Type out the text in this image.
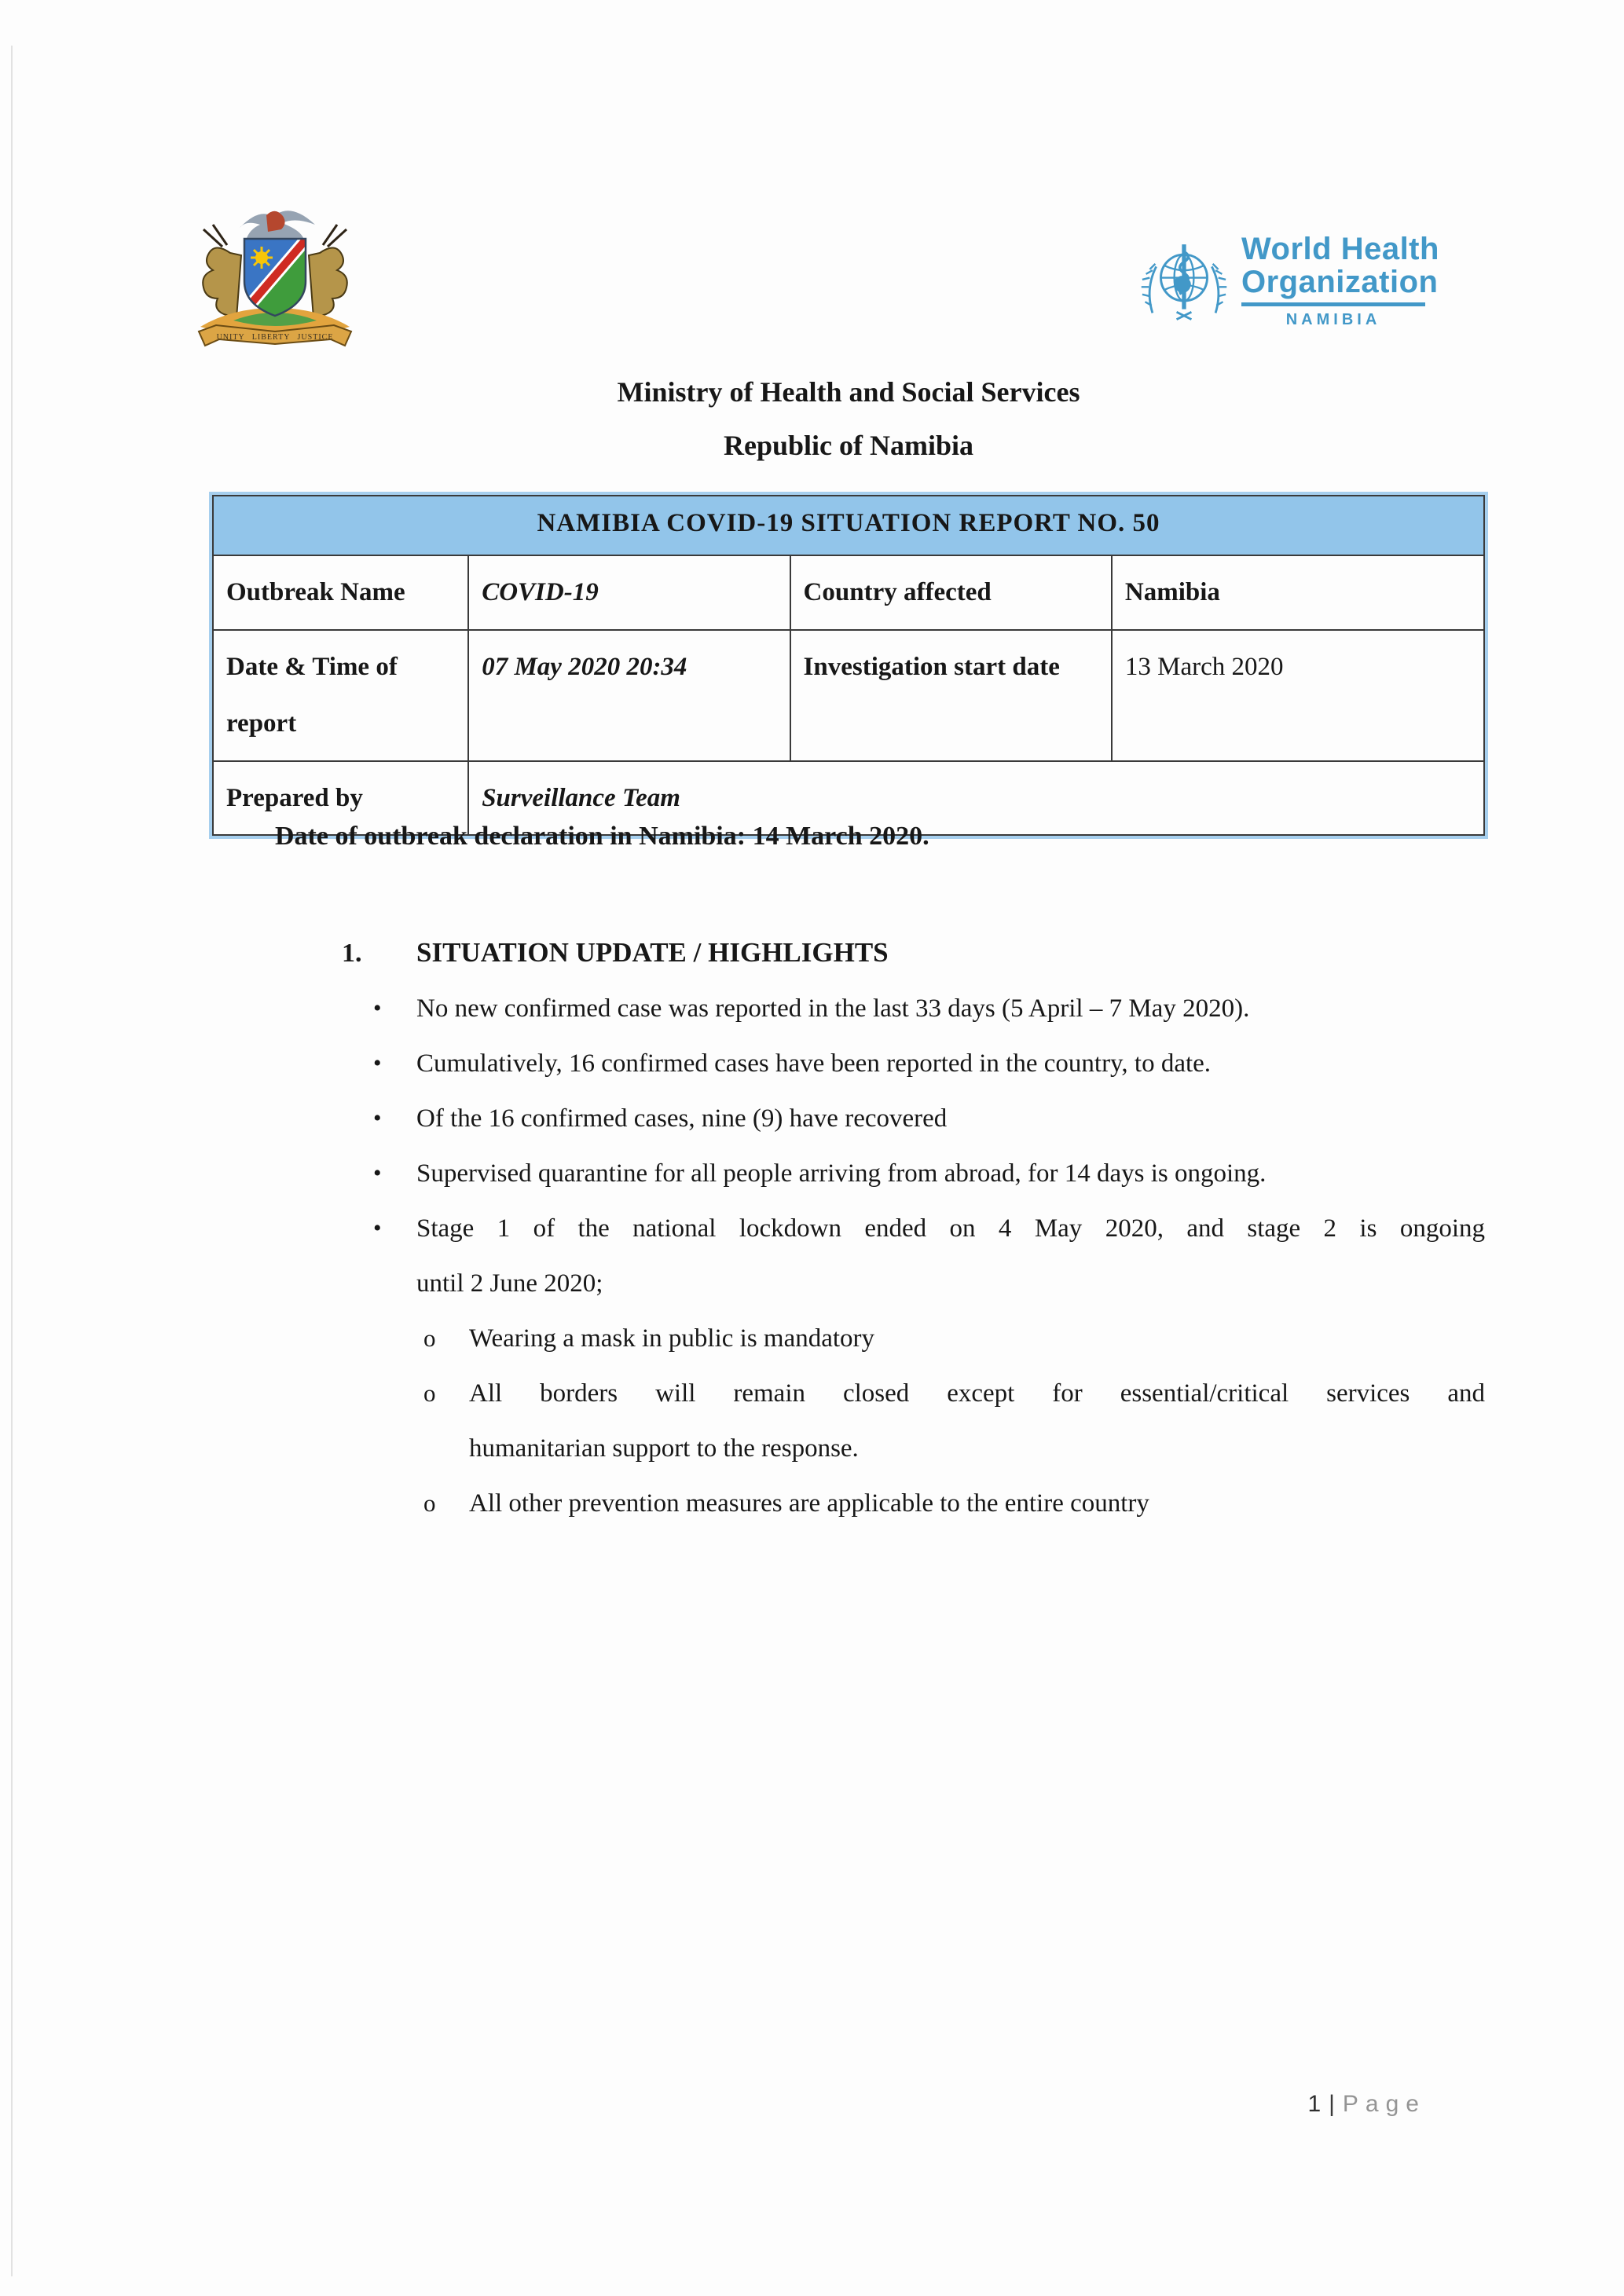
UNITY LIBERTY JUSTICE
World Health
Organization
NAMIBIA
Ministry of Health and Social Services
Republic of Namibia
NAMIBIA COVID-19 SITUATION REPORT NO. 50			
Outbreak Name	COVID-19	Country affected	Namibia
Date & Time of report	07 May 2020 20:34	Investigation start date	13 March 2020
Prepared by	Surveillance Team		
Date of outbreak declaration in Namibia: 14 March 2020.
1. SITUATION UPDATE / HIGHLIGHTS
• No new confirmed case was reported in the last 33 days (5 April – 7 May 2020).
• Cumulatively, 16 confirmed cases have been reported in the country, to date.
• Of the 16 confirmed cases, nine (9) have recovered
• Supervised quarantine for all people arriving from abroad, for 14 days is ongoing.
• Stage 1 of the national lockdown ended on 4 May 2020, and stage 2 is ongoing
until 2 June 2020;
o Wearing a mask in public is mandatory
o All borders will remain closed except for essential/critical services and
humanitarian support to the response.
o All other prevention measures are applicable to the entire country
1 | Page
